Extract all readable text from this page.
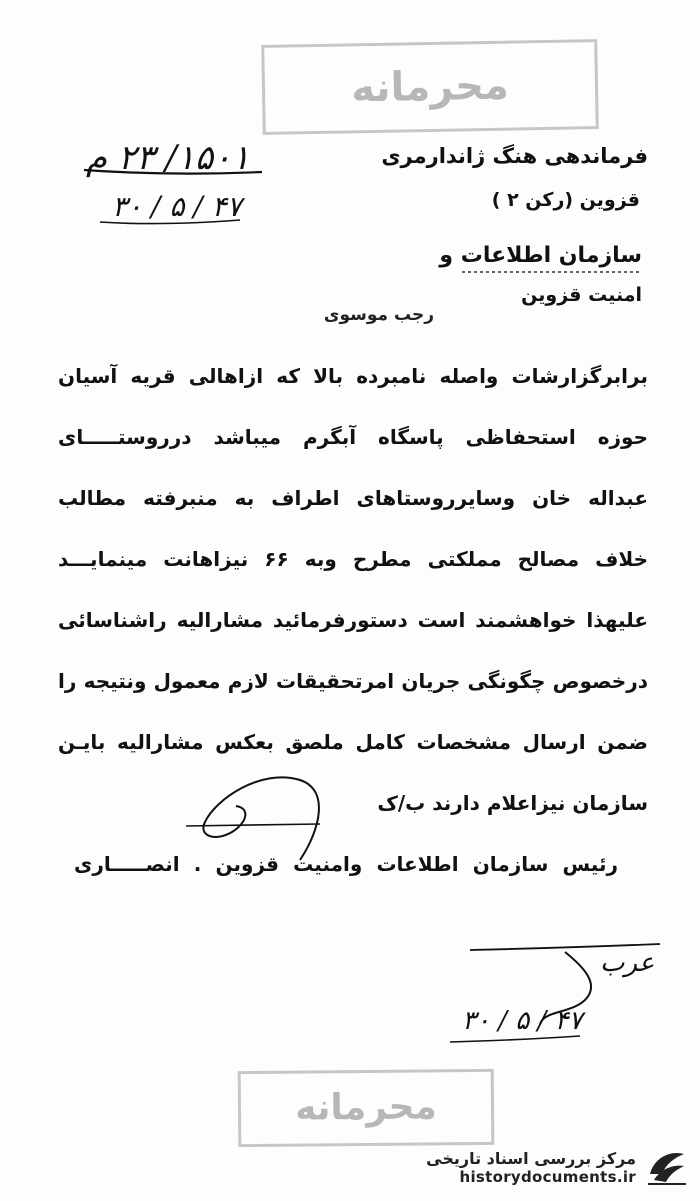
محرمانه
۱۵۰۱/ ۲۳ م
۳۰ / ۵ / ۴۷
فرماندهی هنگ ژاندارمری
قزوین (رکن ۲ )
سازمان اطلاعات و
امنیت قزوین
رجب موسوی
برابرگزارشات واصله نامبرده بالا که ازاهالی قریه آسیان
حوزه استحفاظی پاسگاه آبگرم میباشد درروستـــــای
عبداله خان وسایرروستاهای اطراف به منبرفته مطالب
خلاف مصالح مملکتی مطرح وبه ۶۶ نیزاهانت مینمایـــد
علیهذا خواهشمند است دستورفرمائید مشارالیه راشناسائی
درخصوص چگونگی جریان امرتحقیقات لازم معمول ونتیجه را
ضمن ارسال مشخصات کامل ملصق بعکس مشارالیه بایـن
سازمان نیزاعلام دارند ب/ک
رئیس سازمان اطلاعات وامنیت قزوین . انصـــــاری
عرب
۳۰ / ۵ / ۴۷
محرمانه
مرکز بررسی اسناد تاریخی
historydocuments.ir
